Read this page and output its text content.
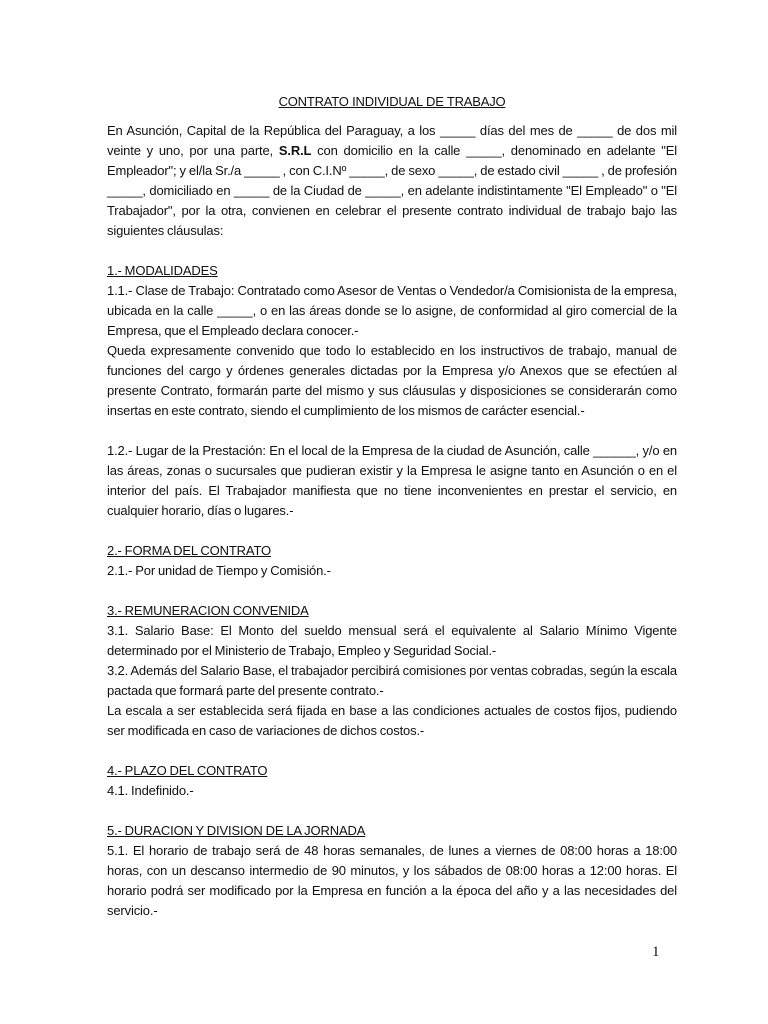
CONTRATO INDIVIDUAL DE TRABAJO

En Asunción, Capital de la República del Paraguay, a los _____ días del mes de _____ de dos mil veinte y uno, por una parte, S.R.L con domicilio en la calle _____, denominado en adelante "El Empleador"; y el/la Sr./a _____ , con C.I.Nº _____, de sexo _____, de estado civil _____ , de profesión _____, domiciliado en _____ de la Ciudad de _____, en adelante indistintamente "El Empleado" o "El Trabajador", por la otra, convienen en celebrar el presente contrato individual de trabajo bajo las siguientes cláusulas:

1.- MODALIDADES

1.1.- Clase de Trabajo: Contratado como Asesor de Ventas o Vendedor/a Comisionista de la empresa, ubicada en la calle _____, o en las áreas donde se lo asigne, de conformidad al giro comercial de la Empresa, que el Empleado declara conocer.-

Queda expresamente convenido que todo lo establecido en los instructivos de trabajo, manual de funciones del cargo y órdenes generales dictadas por la Empresa y/o Anexos que se efectúen al presente Contrato, formarán parte del mismo y sus cláusulas y disposiciones se considerarán como insertas en este contrato, siendo el cumplimiento de los mismos de carácter esencial.-

1.2.- Lugar de la Prestación: En el local de la Empresa de la ciudad de Asunción, calle ______, y/o en las áreas, zonas o sucursales que pudieran existir y la Empresa le asigne tanto en Asunción o en el interior del país. El Trabajador manifiesta que no tiene inconvenientes en prestar el servicio, en cualquier horario, días o lugares.-

2.- FORMA DEL CONTRATO

2.1.- Por unidad de Tiempo y Comisión.-

3.- REMUNERACION CONVENIDA

3.1. Salario Base: El Monto del sueldo mensual será el equivalente al Salario Mínimo Vigente determinado por el Ministerio de Trabajo, Empleo y Seguridad Social.-

3.2. Además del Salario Base, el trabajador percibirá comisiones por ventas cobradas, según la escala pactada que formará parte del presente contrato.-

La escala a ser establecida será fijada en base a las condiciones actuales de costos fijos, pudiendo ser modificada en caso de variaciones de dichos costos.-

4.- PLAZO DEL CONTRATO

4.1. Indefinido.-

5.- DURACION Y DIVISION DE LA JORNADA

5.1. El horario de trabajo será de 48 horas semanales, de lunes a viernes de 08:00 horas a 18:00 horas, con un descanso intermedio de 90 minutos, y los sábados de 08:00 horas a 12:00 horas. El horario podrá ser modificado por la Empresa en función a la época del año y a las necesidades del servicio.-

1
